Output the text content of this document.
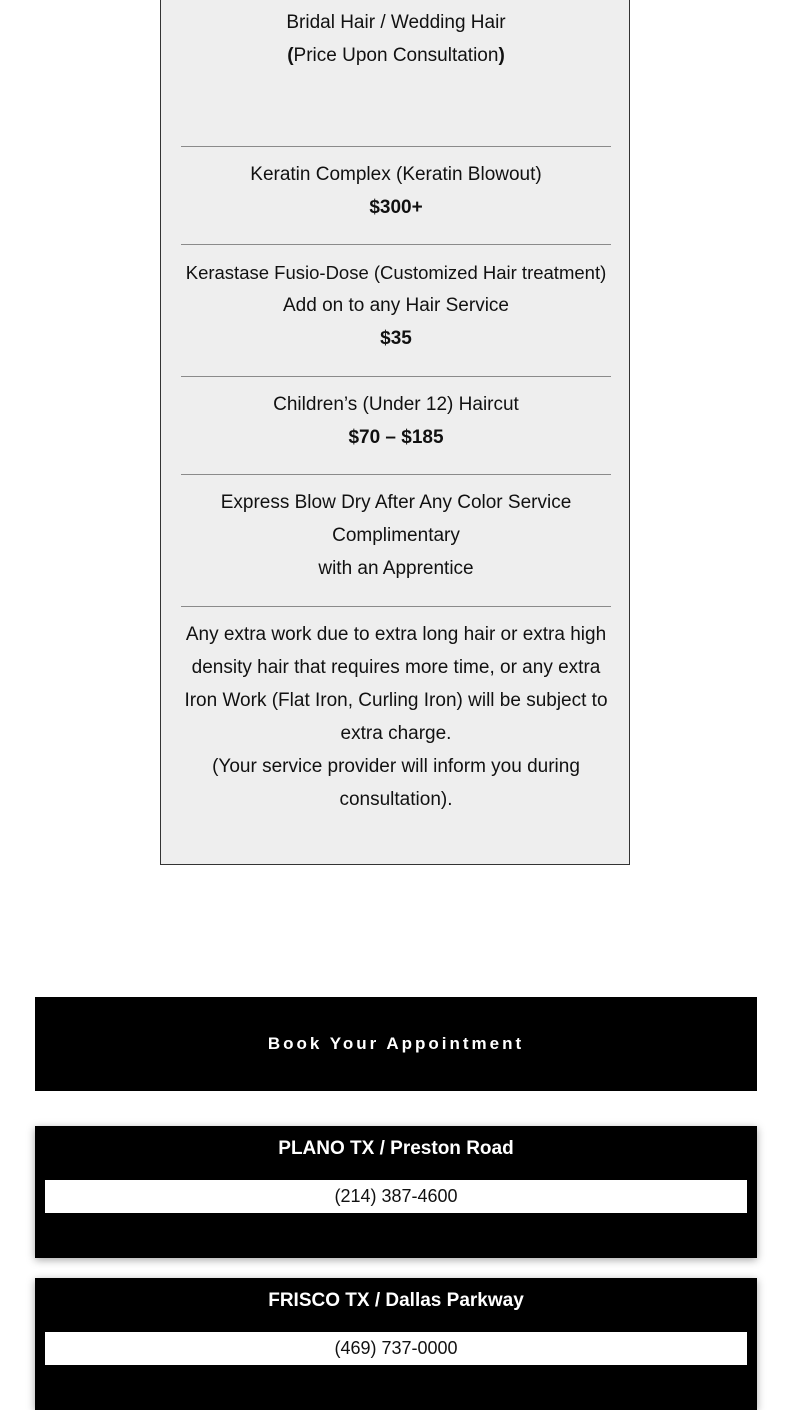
Bridal Hair / Wedding Hair
(Price Upon Consultation)
Keratin Complex (Keratin Blowout)
$300+
Kerastase Fusio-Dose (Customized Hair treatment)
Add on to any Hair Service
$35
Children’s (Under 12) Haircut
$70 – $185
Express Blow Dry After Any Color Service
Complimentary
with an Apprentice
Any extra work due to extra long hair or extra high density hair that requires more time, or any extra Iron Work (Flat Iron, Curling Iron) will be subject to extra charge.
(Your service provider will inform you during consultation).
Book Your Appointment
PLANO TX / Preston Road
(214) 387-4600
FRISCO TX / Dallas Parkway
(469) 737-0000
